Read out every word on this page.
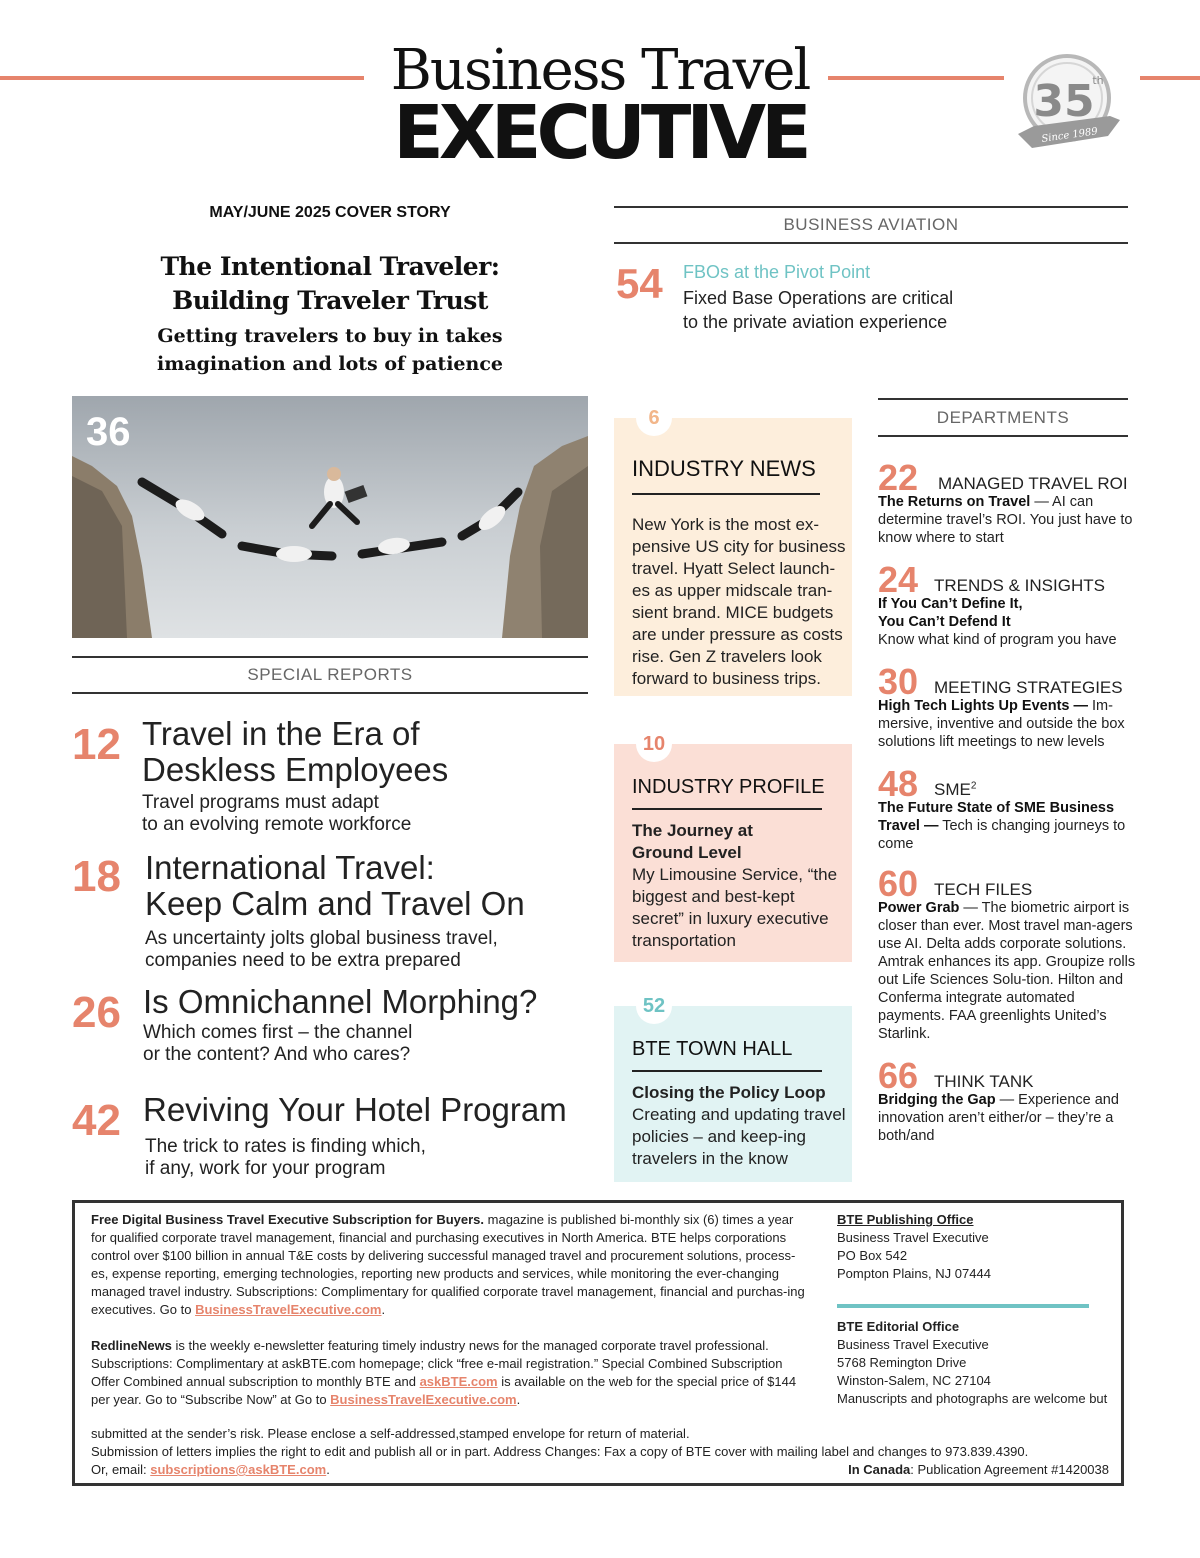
Business Travel
EXECUTIVE	35
th
Since 1989
MAY/JUNE 2025 COVER STORY
The Intentional Traveler:
Building Traveler Trust
Getting travelers to buy in takes
imagination and lots of patience
36
SPECIAL REPORTS
12 Travel in the Era of
Deskless Employees
Travel programs must adapt
to an evolving remote workforce
18 International Travel:
Keep Calm and Travel On
As uncertainty jolts global business travel,
companies need to be extra prepared
26 Is Omnichannel Morphing?
Which comes first – the channel
or the content? And who cares?
42 Reviving Your Hotel Program
The trick to rates is finding which,
if any, work for your program
BUSINESS AVIATION
54 FBOs at the Pivot Point
Fixed Base Operations are critical
to the private aviation experience
6
INDUSTRY NEWS
New York is the most ex-pensive US city for business travel. Hyatt Select launch-es as upper midscale tran-sient brand. MICE budgets are under pressure as costs rise. Gen Z travelers look forward to business trips.
10
INDUSTRY PROFILE
The Journey at
Ground Level
My Limousine Service, “the biggest and best-kept secret” in luxury executive transportation
52
BTE TOWN HALL
Closing the Policy Loop
Creating and updating travel policies – and keep-ing travelers in the know
DEPARTMENTS
22 MANAGED TRAVEL ROI
The Returns on Travel — AI can determine travel’s ROI. You just have to know where to start
24 TRENDS & INSIGHTS
If You Can’t Define It, You Can’t Defend It
Know what kind of program you have
30 MEETING STRATEGIES
High Tech Lights Up Events — Im-mersive, inventive and outside the box solutions lift meetings to new levels
48 SME$^2$
The Future State of SME Business Travel — Tech is changing journeys to come
60 TECH FILES
Power Grab — The biometric airport is closer than ever. Most travel man-agers use AI. Delta adds corporate solutions. Amtrak enhances its app. Groupize rolls out Life Sciences Solu-tion. Hilton and Conferma integrate automated payments. FAA greenlights United’s Starlink.
66 THINK TANK
Bridging the Gap — Experience and innovation aren’t either/or – they’re a both/and
Free Digital Business Travel Executive Subscription for Buyers. magazine is published bi-monthly six (6) times a year for qualified corporate travel management, financial and purchasing executives in North America. BTE helps corporations control over $100 billion in annual T&E costs by delivering successful managed travel and procurement solutions, process-es, expense reporting, emerging technologies, reporting new products and services, while monitoring the ever-changing managed travel industry. Subscriptions: Complimentary for qualified corporate travel management, financial and purchas-ing executives. Go to BusinessTravelExecutive.com.
RedlineNews is the weekly e-newsletter featuring timely industry news for the managed corporate travel professional. Subscriptions: Complimentary at askBTE.com homepage; click “free e-mail registration.” Special Combined Subscription Offer Combined annual subscription to monthly BTE and askBTE.com is available on the web for the special price of $144 per year. Go to “Subscribe Now” at Go to BusinessTravelExecutive.com.
submitted at the sender’s risk. Please enclose a self-addressed,stamped envelope for return of material.
Submission of letters implies the right to edit and publish all or in part. Address Changes: Fax a copy of BTE cover with mailing label and changes to 973.839.4390.
Or, email: subscriptions@askBTE.com.	In Canada: Publication Agreement #1420038
BTE Publishing Office
Business Travel Executive
PO Box 542
Pompton Plains, NJ 07444
BTE Editorial Office
Business Travel Executive
5768 Remington Drive
Winston-Salem, NC 27104
Manuscripts and photographs are welcome but
